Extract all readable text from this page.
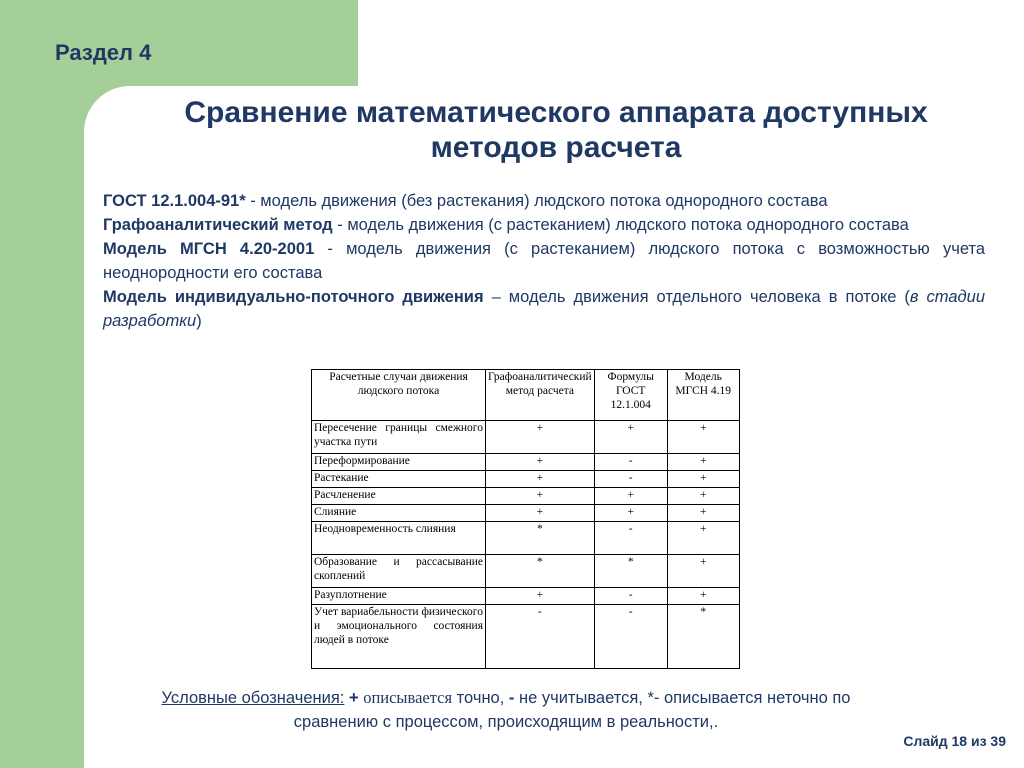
Раздел 4
Сравнение математического аппарата доступных
методов расчета

ГОСТ 12.1.004-91* - модель движения (без растекания) людского потока однородного состава

Графоаналитический метод - модель движения (с растеканием) людского потока однородного состава

Модель МГСН 4.20-2001 - модель движения (с растеканием) людского потока с возможностью учета неоднородности его состава

Модель индивидуально-поточного движения – модель движения отдельного человека в потоке (в стадии разработки)

Расчетные случаи движения людского потока	Графоаналитический метод расчета	Формулы ГОСТ 12.1.004	Модель МГСН 4.19
Пересечение границы смежного участка пути	+	+	+
Переформирование	+	-	+
Растекание	+	-	+
Расчленение	+	+	+
Слияние	+	+	+
Неодновременность слияния	*	-	+
Образование и рассасывание скоплений	*	*	+
Разуплотнение	+	-	+
Учет вариабельности физического и эмоционального состояния людей в потоке	-	-	*
Условные обозначения: + описывается точно, - не учитывается, *- описывается неточно по сравнению с процессом, происходящим в реальности,.
Слайд 18 из 39
